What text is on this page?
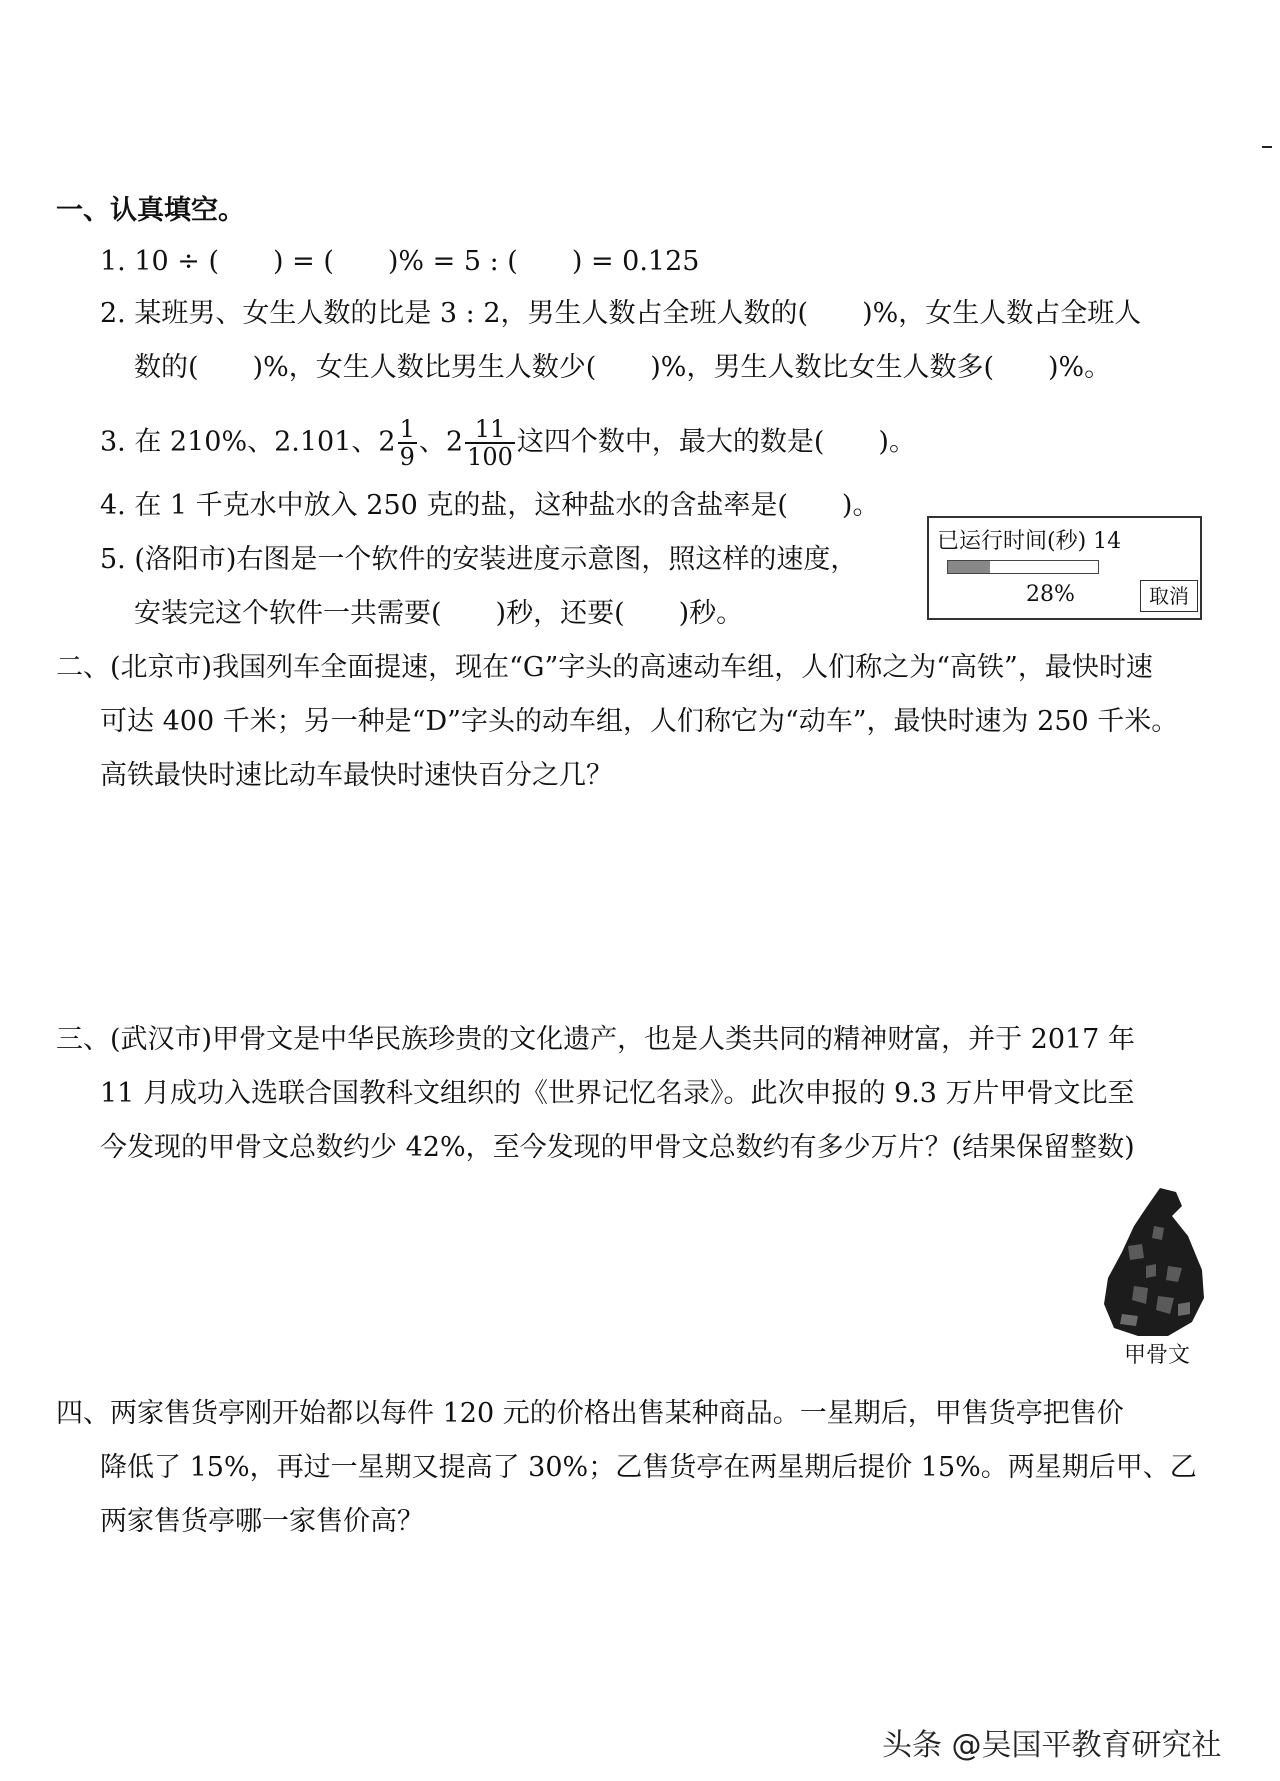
一、认真填空。
1. 10 ÷ (　　) = (　　)% = 5 : (　　) = 0.125
2. 某班男、女生人数的比是 3 : 2，男生人数占全班人数的(　　)%，女生人数占全班人
数的(　　)%，女生人数比男生人数少(　　)%，男生人数比女生人数多(　　)%。
3. 在 210%、2.101、$2 \frac{1}{9}$ 、$2 \frac{11}{100}$ 这四个数中，最大的数是(　　)。
4. 在 1 千克水中放入 250 克的盐，这种盐水的含盐率是(　　)。
5. (洛阳市)右图是一个软件的安装进度示意图，照这样的速度，
安装完这个软件一共需要(　　)秒，还要(　　)秒。
已运行时间(秒) 14
28%	取消
二、(北京市)我国列车全面提速，现在“G”字头的高速动车组，人们称之为“高铁”，最快时速
可达 400 千米；另一种是“D”字头的动车组，人们称它为“动车”，最快时速为 250 千米。
高铁最快时速比动车最快时速快百分之几？
三、(武汉市)甲骨文是中华民族珍贵的文化遗产，也是人类共同的精神财富，并于 2017 年
11 月成功入选联合国教科文组织的《世界记忆名录》。此次申报的 9.3 万片甲骨文比至
今发现的甲骨文总数约少 42%，至今发现的甲骨文总数约有多少万片？(结果保留整数)
甲骨文
四、两家售货亭刚开始都以每件 120 元的价格出售某种商品。一星期后，甲售货亭把售价
降低了 15%，再过一星期又提高了 30%；乙售货亭在两星期后提价 15%。两星期后甲、乙
两家售货亭哪一家售价高？
头条 @吴国平教育研究社
